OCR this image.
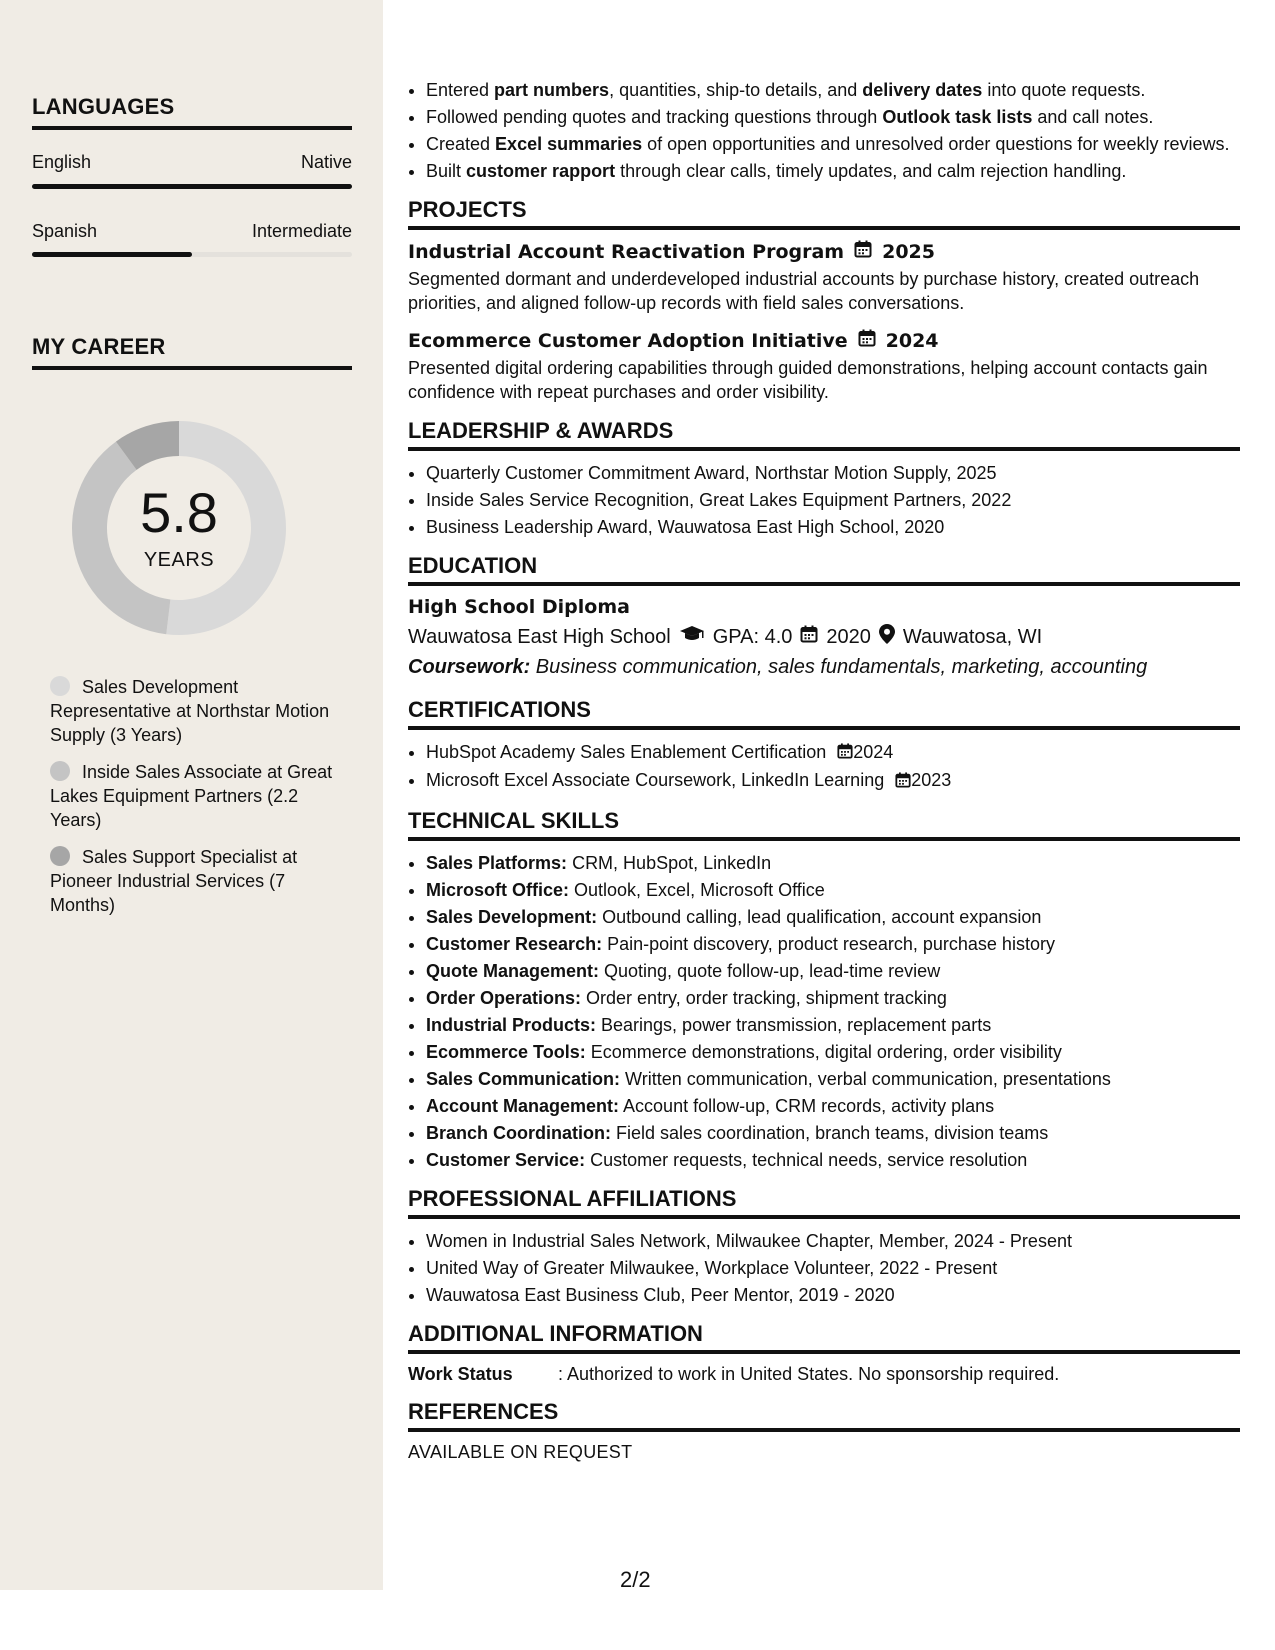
LANGUAGES
English	Native
Spanish	Intermediate
MY CAREER
5.8
YEARS
Sales Development Representative at Northstar Motion Supply (3 Years)
Inside Sales Associate at Great Lakes Equipment Partners (2.2 Years)
Sales Support Specialist at Pioneer Industrial Services (7 Months)
• Entered part numbers, quantities, ship-to details, and delivery dates into quote requests.
• Followed pending quotes and tracking questions through Outlook task lists and call notes.
• Created Excel summaries of open opportunities and unresolved order questions for weekly reviews.
• Built customer rapport through clear calls, timely updates, and calm rejection handling.
PROJECTS
Industrial Account Reactivation Program 2025
Segmented dormant and underdeveloped industrial accounts by purchase history, created outreach priorities, and aligned follow-up records with field sales conversations.
Ecommerce Customer Adoption Initiative 2024
Presented digital ordering capabilities through guided demonstrations, helping account contacts gain confidence with repeat purchases and order visibility.
LEADERSHIP & AWARDS
• Quarterly Customer Commitment Award, Northstar Motion Supply, 2025
• Inside Sales Service Recognition, Great Lakes Equipment Partners, 2022
• Business Leadership Award, Wauwatosa East High School, 2020
EDUCATION
High School Diploma
Wauwatosa East High School GPA: 4.0 2020 Wauwatosa, WI
Coursework: Business communication, sales fundamentals, marketing, accounting
CERTIFICATIONS
• HubSpot Academy Sales Enablement Certification 2024
• Microsoft Excel Associate Coursework, LinkedIn Learning 2023
TECHNICAL SKILLS
• Sales Platforms: CRM, HubSpot, LinkedIn
• Microsoft Office: Outlook, Excel, Microsoft Office
• Sales Development: Outbound calling, lead qualification, account expansion
• Customer Research: Pain-point discovery, product research, purchase history
• Quote Management: Quoting, quote follow-up, lead-time review
• Order Operations: Order entry, order tracking, shipment tracking
• Industrial Products: Bearings, power transmission, replacement parts
• Ecommerce Tools: Ecommerce demonstrations, digital ordering, order visibility
• Sales Communication: Written communication, verbal communication, presentations
• Account Management: Account follow-up, CRM records, activity plans
• Branch Coordination: Field sales coordination, branch teams, division teams
• Customer Service: Customer requests, technical needs, service resolution
PROFESSIONAL AFFILIATIONS
• Women in Industrial Sales Network, Milwaukee Chapter, Member, 2024 - Present
• United Way of Greater Milwaukee, Workplace Volunteer, 2022 - Present
• Wauwatosa East Business Club, Peer Mentor, 2019 - 2020
ADDITIONAL INFORMATION
Work Status	: Authorized to work in United States. No sponsorship required.
REFERENCES
AVAILABLE ON REQUEST
2/2
